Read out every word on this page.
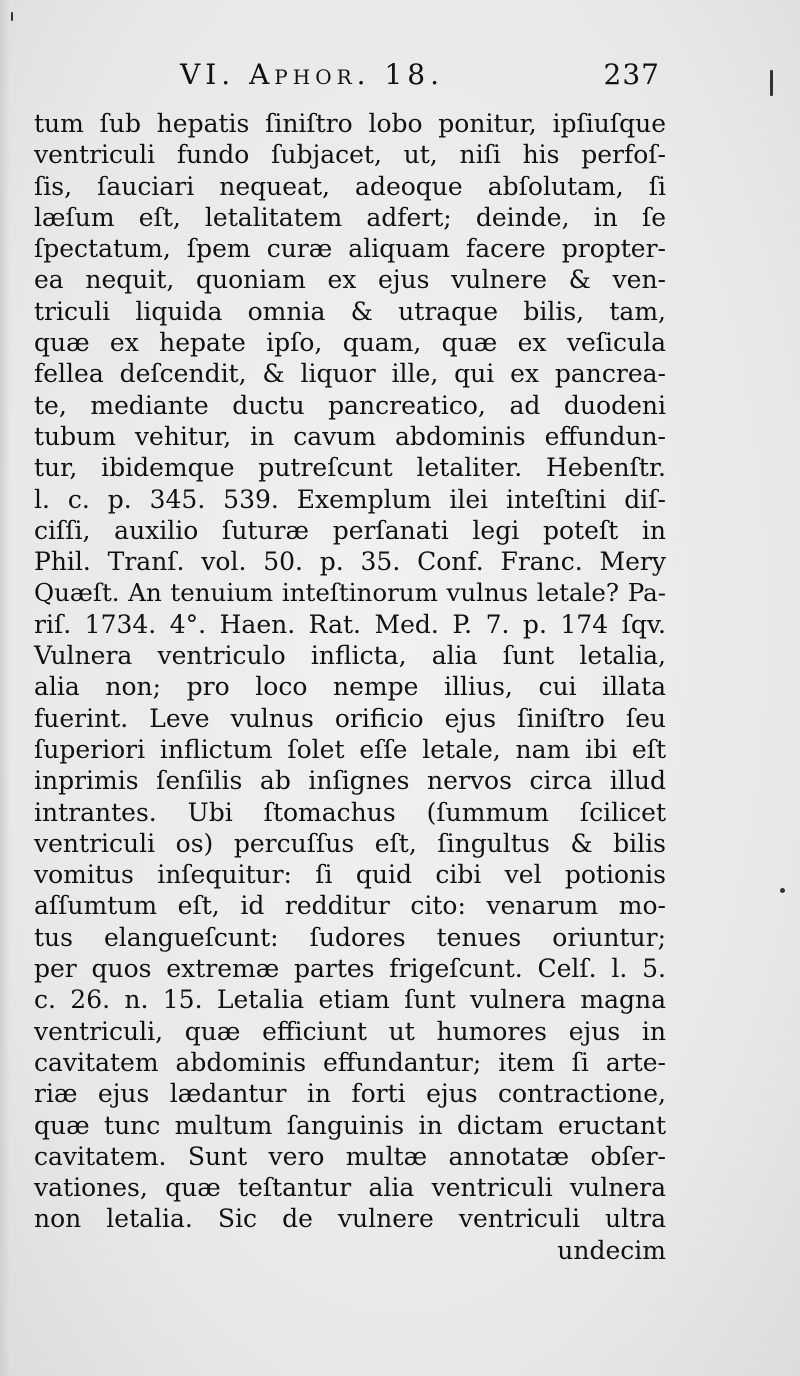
VI. Aphor. 18.	237
tum ſub hepatis ſiniſtro lobo ponitur, ipſiuſque
ventriculi fundo ſubjacet, ut, niſi his perfoſ-
ſis, ſauciari nequeat, adeoque abſolutam, ſi
læſum eſt, letalitatem adfert; deinde, in ſe
ſpectatum, ſpem curæ aliquam facere propter-
ea nequit, quoniam ex ejus vulnere & ven-
triculi liquida omnia & utraque bilis, tam,
quæ ex hepate ipſo, quam, quæ ex veſicula
fellea deſcendit, & liquor ille, qui ex pancrea-
te, mediante ductu pancreatico, ad duodeni
tubum vehitur, in cavum abdominis effundun-
tur, ibidemque putreſcunt letaliter. Hebenſtr.
l. c. p. 345. 539. Exemplum ilei inteſtini diſ-
ciſſi, auxilio ſuturæ perſanati legi poteſt in
Phil. Tranſ. vol. 50. p. 35. Conf. Franc. Mery
Quæſt. An tenuium inteſtinorum vulnus letale? Pa-
riſ. 1734. 4°. Haen. Rat. Med. P. 7. p. 174 ſqv.
Vulnera ventriculo inflicta, alia ſunt letalia,
alia non; pro loco nempe illius, cui illata
fuerint. Leve vulnus orificio ejus ſiniſtro ſeu
ſuperiori inflictum ſolet eſſe letale, nam ibi eſt
inprimis ſenſilis ab inſignes nervos circa illud
intrantes. Ubi ſtomachus (ſummum ſcilicet
ventriculi os) percuſſus eſt, ſingultus & bilis
vomitus inſequitur: ſi quid cibi vel potionis
aſſumtum eſt, id redditur cito: venarum mo-
tus elangueſcunt: ſudores tenues oriuntur;
per quos extremæ partes frigeſcunt. Celſ. l. 5.
c. 26. n. 15. Letalia etiam ſunt vulnera magna
ventriculi, quæ efficiunt ut humores ejus in
cavitatem abdominis effundantur; item ſi arte-
riæ ejus lædantur in forti ejus contractione,
quæ tunc multum ſanguinis in dictam eructant
cavitatem. Sunt vero multæ annotatæ obſer-
vationes, quæ teſtantur alia ventriculi vulnera
non letalia. Sic de vulnere ventriculi ultra
undecim
